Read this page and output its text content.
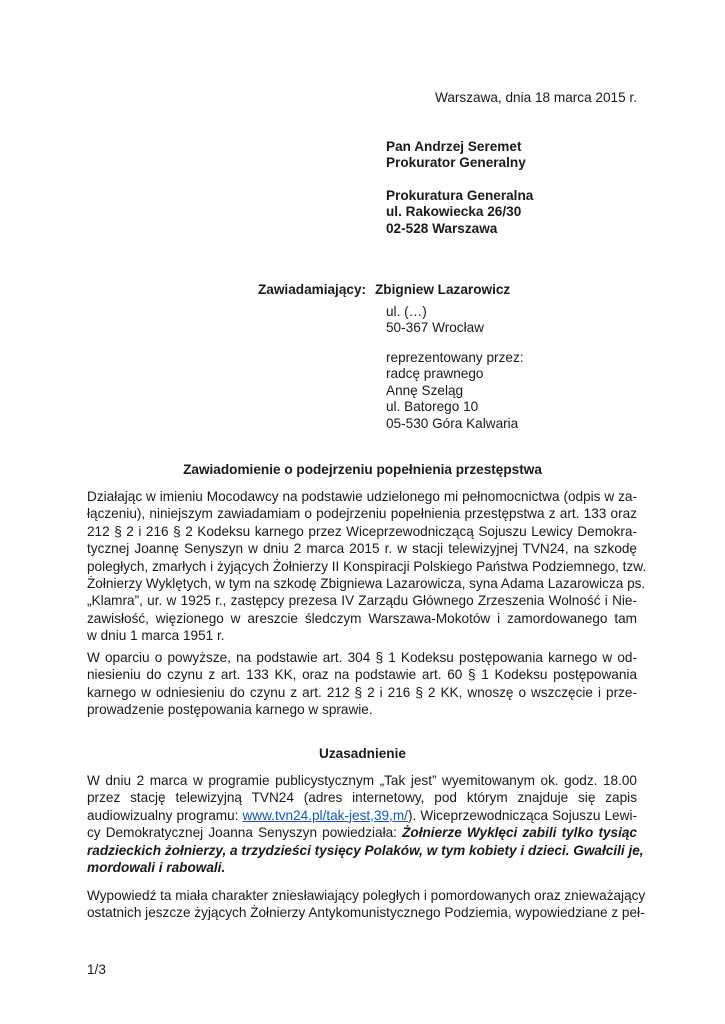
Warszawa, dnia 18 marca 2015 r.
Pan Andrzej Seremet
Prokurator Generalny
Prokuratura Generalna
ul. Rakowiecka 26/30
02-528 Warszawa
Zawiadamiający: Zbigniew Lazarowicz
ul. (…)
50-367 Wrocław
reprezentowany przez:
radcę prawnego
Annę Szeląg
ul. Batorego 10
05-530 Góra Kalwaria
Zawiadomienie o podejrzeniu popełnienia przestępstwa
Działając w imieniu Mocodawcy na podstawie udzielonego mi pełnomocnictwa (odpis w za-
łączeniu), niniejszym zawiadamiam o podejrzeniu popełnienia przestępstwa z art. 133 oraz
212 § 2 i 216 § 2 Kodeksu karnego przez Wiceprzewodniczącą Sojuszu Lewicy Demokra-
tycznej Joannę Senyszyn w dniu 2 marca 2015 r. w stacji telewizyjnej TVN24, na szkodę
poległych, zmarłych i żyjących Żołnierzy II Konspiracji Polskiego Państwa Podziemnego, tzw.
Żołnierzy Wyklętych, w tym na szkodę Zbigniewa Lazarowicza, syna Adama Lazarowicza ps.
„Klamra”, ur. w 1925 r., zastępcy prezesa IV Zarządu Głównego Zrzeszenia Wolność i Nie-
zawisłość, więzionego w areszcie śledczym Warszawa-Mokotów i zamordowanego tam
w dniu 1 marca 1951 r.
W oparciu o powyższe, na podstawie art. 304 § 1 Kodeksu postępowania karnego w od-
niesieniu do czynu z art. 133 KK, oraz na podstawie art. 60 § 1 Kodeksu postępowania
karnego w odniesieniu do czynu z art. 212 § 2 i 216 § 2 KK, wnoszę o wszczęcie i prze-
prowadzenie postępowania karnego w sprawie.
Uzasadnienie
W dniu 2 marca w programie publicystycznym „Tak jest” wyemitowanym ok. godz. 18.00
przez stację telewizyjną TVN24 (adres internetowy, pod którym znajduje się zapis
audiowizualny programu: www.tvn24.pl/tak-jest,39,m/). Wiceprzewodnicząca Sojuszu Lewi-
cy Demokratycznej Joanna Senyszyn powiedziała: Żołnierze Wyklęci zabili tylko tysiąc
radzieckich żołnierzy, a trzydzieści tysięcy Polaków, w tym kobiety i dzieci. Gwałcili je,
mordowali i rabowali.
Wypowiedź ta miała charakter zniesławiający poległych i pomordowanych oraz znieważający
ostatnich jeszcze żyjących Żołnierzy Antykomunistycznego Podziemia, wypowiedziane z peł-
1/3
